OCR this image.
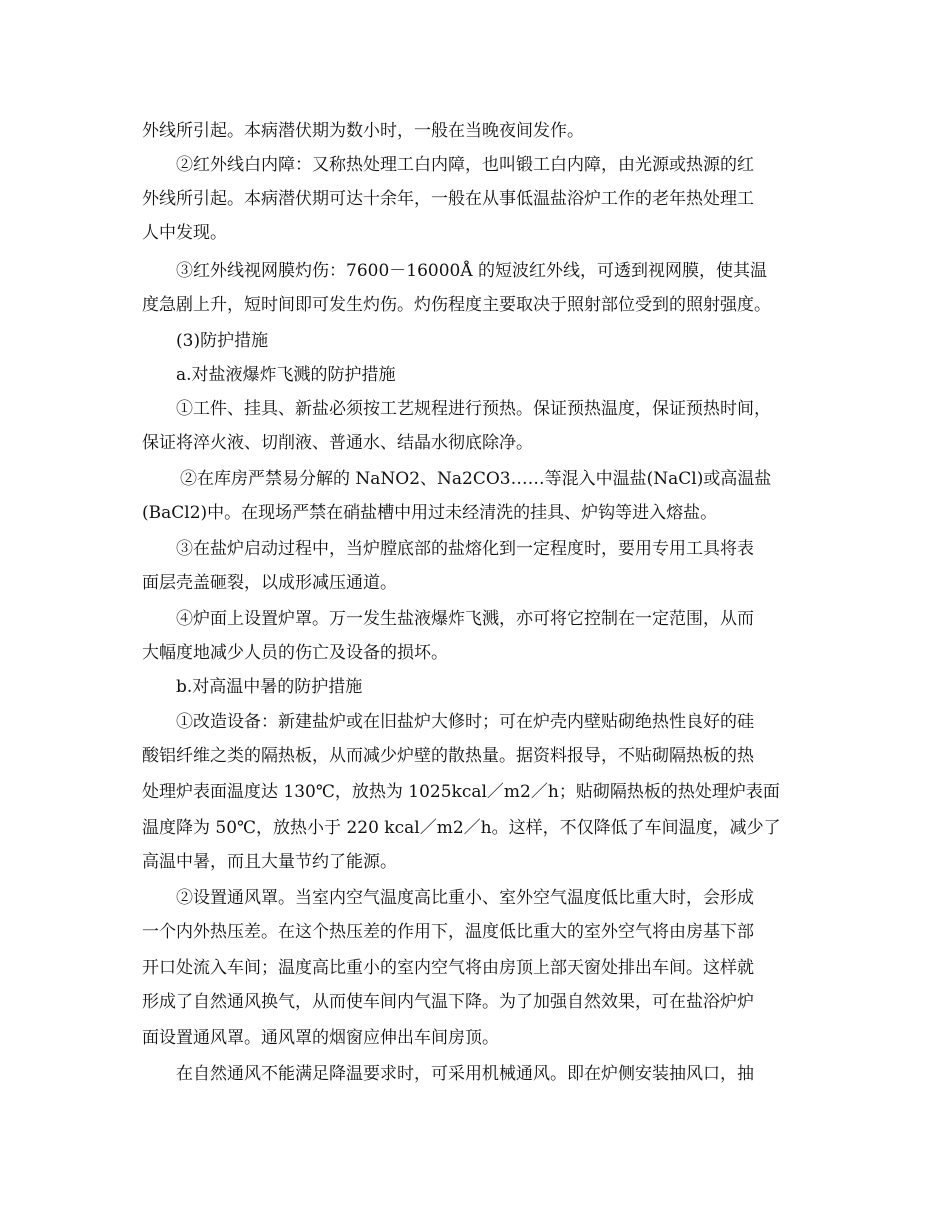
外线所引起。本病潜伏期为数小时，一般在当晚夜间发作。
②红外线白内障：又称热处理工白内障，也叫锻工白内障，由光源或热源的红
外线所引起。本病潜伏期可达十余年，一般在从事低温盐浴炉工作的老年热处理工
人中发现。
③红外线视网膜灼伤：7600－16000Å 的短波红外线，可透到视网膜，使其温
度急剧上升，短时间即可发生灼伤。灼伤程度主要取决于照射部位受到的照射强度。
(3)防护措施
a.对盐液爆炸飞溅的防护措施
①工件、挂具、新盐必须按工艺规程进行预热。保证预热温度，保证预热时间，
保证将淬火液、切削液、普通水、结晶水彻底除净。
②在库房严禁易分解的 NaNO2、Na2CO3……等混入中温盐(NaCl)或高温盐
(BaCl2)中。在现场严禁在硝盐槽中用过未经清洗的挂具、炉钩等进入熔盐。
③在盐炉启动过程中，当炉膛底部的盐熔化到一定程度时，要用专用工具将表
面层壳盖砸裂，以成形减压通道。
④炉面上设置炉罩。万一发生盐液爆炸飞溅，亦可将它控制在一定范围，从而
大幅度地减少人员的伤亡及设备的损坏。
b.对高温中暑的防护措施
①改造设备：新建盐炉或在旧盐炉大修时；可在炉壳内壁贴砌绝热性良好的硅
酸铝纤维之类的隔热板，从而减少炉壁的散热量。据资料报导，不贴砌隔热板的热
处理炉表面温度达 130℃，放热为 1025kcal／m2／h；贴砌隔热板的热处理炉表面
温度降为 50℃，放热小于 220 kcal／m2／h。这样，不仅降低了车间温度，减少了
高温中暑，而且大量节约了能源。
②设置通风罩。当室内空气温度高比重小、室外空气温度低比重大时，会形成
一个内外热压差。在这个热压差的作用下，温度低比重大的室外空气将由房基下部
开口处流入车间；温度高比重小的室内空气将由房顶上部天窗处排出车间。这样就
形成了自然通风换气，从而使车间内气温下降。为了加强自然效果，可在盐浴炉炉
面设置通风罩。通风罩的烟窗应伸出车间房顶。
在自然通风不能满足降温要求时，可采用机械通风。即在炉侧安装抽风口，抽
